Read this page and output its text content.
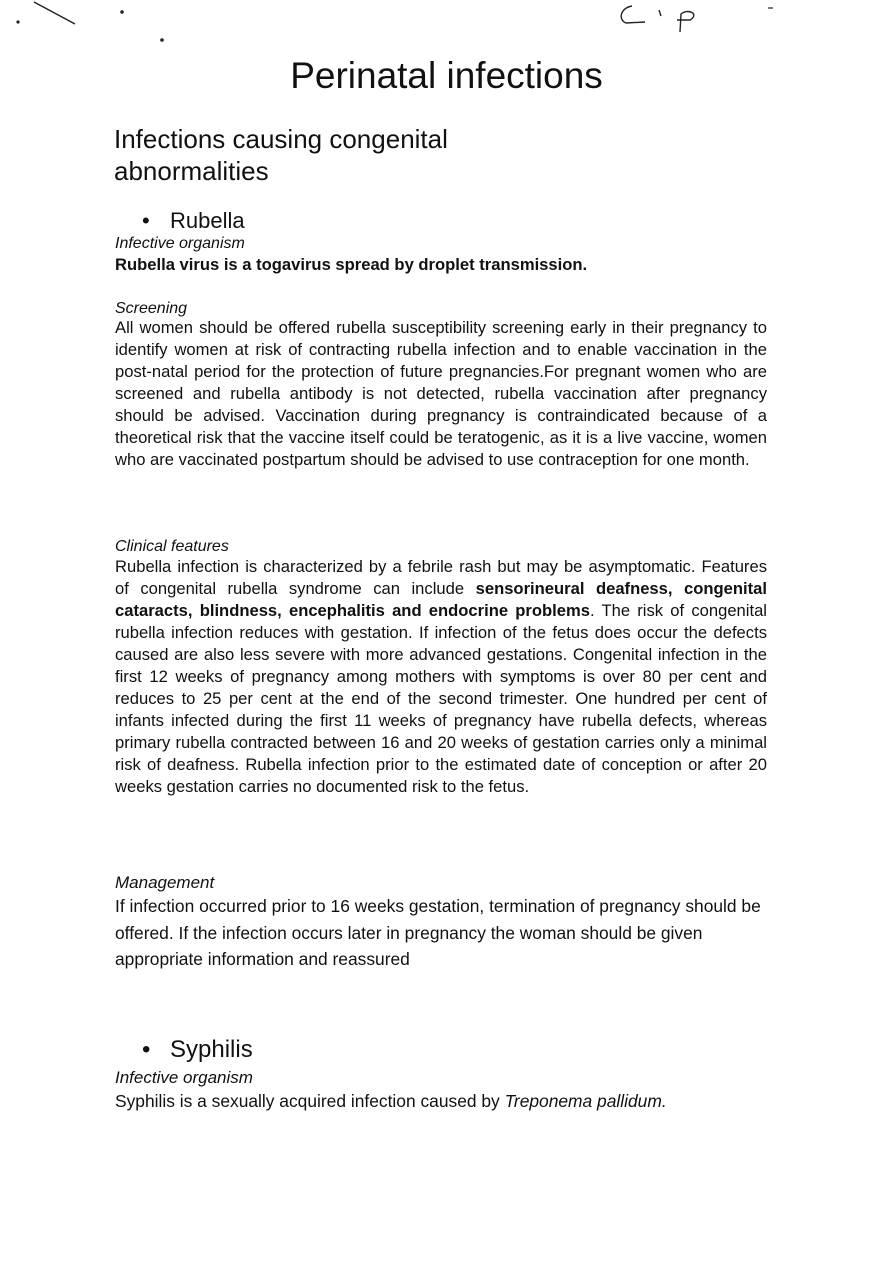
Perinatal infections
Infections causing congenital abnormalities
• Rubella
Infective organism

Rubella virus is a togavirus spread by droplet transmission.

Screening

All women should be offered rubella susceptibility screening early in their pregnancy to identify women at risk of contracting rubella infection and to enable vaccination in the post-natal period for the protection of future pregnancies.For pregnant women who are screened and rubella antibody is not detected, rubella vaccination after pregnancy should be advised. Vaccination during pregnancy is contraindicated because of a theoretical risk that the vaccine itself could be teratogenic, as it is a live vaccine, women who are vaccinated postpartum should be advised to use contraception for one month.

Clinical features

Rubella infection is characterized by a febrile rash but may be asymptomatic. Features of congenital rubella syndrome can include sensorineural deafness, congenital cataracts, blindness, encephalitis and endocrine problems. The risk of congenital rubella infection reduces with gestation. If infection of the fetus does occur the defects caused are also less severe with more advanced gestations. Congenital infection in the first 12 weeks of pregnancy among mothers with symptoms is over 80 per cent and reduces to 25 per cent at the end of the second trimester. One hundred per cent of infants infected during the first 11 weeks of pregnancy have rubella defects, whereas primary rubella contracted between 16 and 20 weeks of gestation carries only a minimal risk of deafness. Rubella infection prior to the estimated date of conception or after 20 weeks gestation carries no documented risk to the fetus.

Management

If infection occurred prior to 16 weeks gestation, termination of pregnancy should be offered. If the infection occurs later in pregnancy the woman should be given appropriate information and reassured

• Syphilis
Infective organism

Syphilis is a sexually acquired infection caused by Treponema pallidum.
